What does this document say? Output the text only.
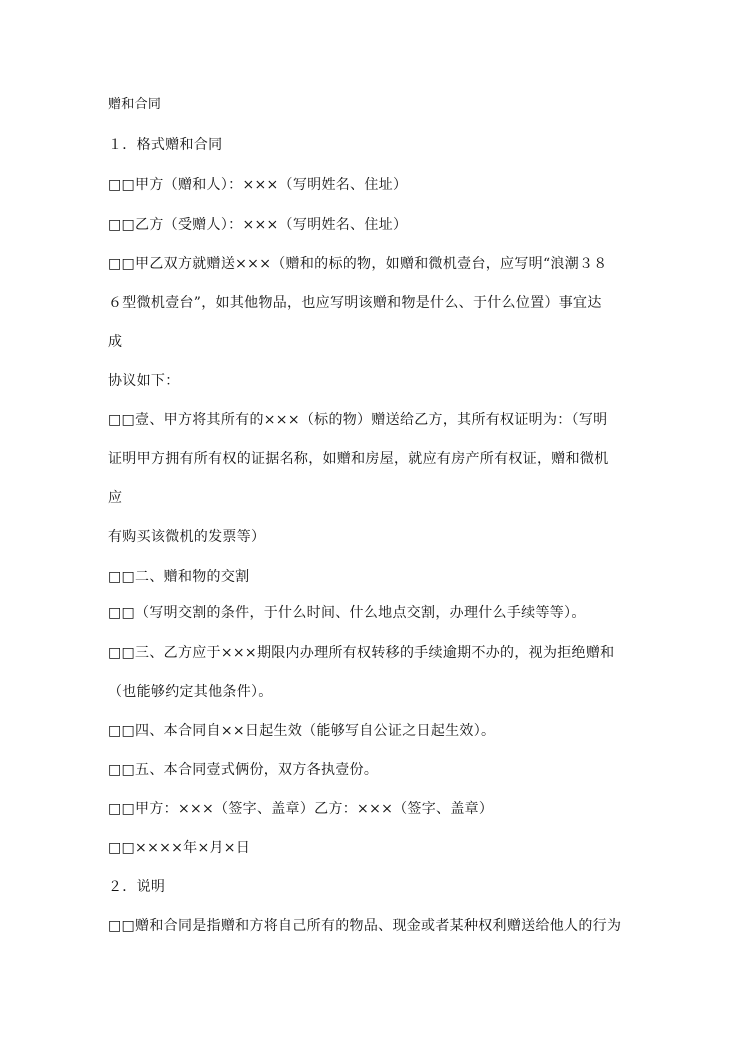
赠和合同
１．格式赠和合同
□□甲方（赠和人）：×××（写明姓名、住址）
□□乙方（受赠人）：×××（写明姓名、住址）
□□甲乙双方就赠送×××（赠和的标的物，如赠和微机壹台，应写明“浪潮３８
６型微机壹台”，如其他物品，也应写明该赠和物是什么、于什么位置）事宜达
成
协议如下：
□□壹、甲方将其所有的×××（标的物）赠送给乙方，其所有权证明为：（写明
证明甲方拥有所有权的证据名称，如赠和房屋，就应有房产所有权证，赠和微机
应
有购买该微机的发票等）
□□二、赠和物的交割
□□（写明交割的条件，于什么时间、什么地点交割，办理什么手续等等）。
□□三、乙方应于×××期限内办理所有权转移的手续逾期不办的，视为拒绝赠和
（也能够约定其他条件）。
□□四、本合同自××日起生效（能够写自公证之日起生效）。
□□五、本合同壹式俩份，双方各执壹份。
□□甲方：×××（签字、盖章）乙方：×××（签字、盖章）
□□××××年×月×日
２．说明
□□赠和合同是指赠和方将自己所有的物品、现金或者某种权利赠送给他人的行为
